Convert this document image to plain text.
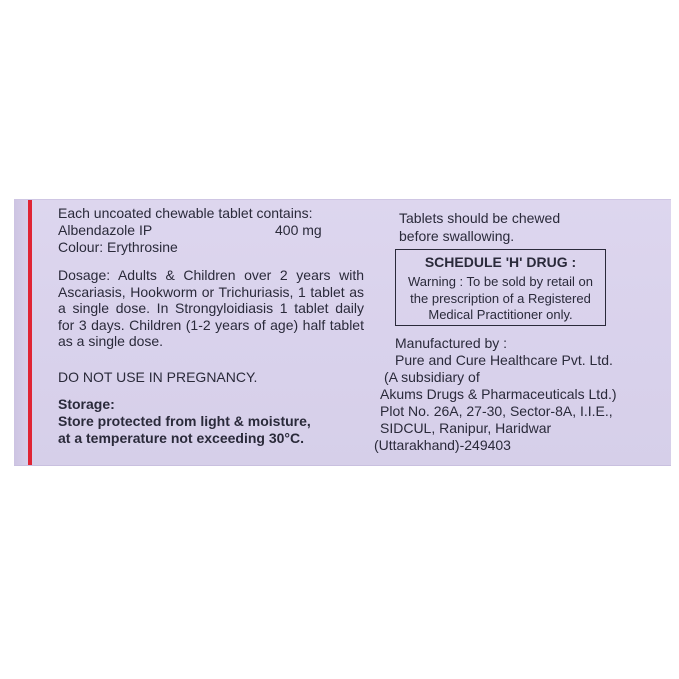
Each uncoated chewable tablet contains:
Albendazole IP	400 mg
Colour: Erythrosine
Dosage: Adults & Children over 2 years with Ascariasis, Hookworm or Trichuriasis, 1 tablet as a single dose. In Strongyloidiasis 1 tablet daily for 3 days. Children (1-2 years of age) half tablet as a single dose.
DO NOT USE IN PREGNANCY.
Storage:
Store protected from light & moisture,
at a temperature not exceeding 30°C.
Tablets should be chewed
before swallowing.
SCHEDULE 'H' DRUG :
Warning : To be sold by retail on
the prescription of a Registered
Medical Practitioner only.
Manufactured by :
Pure and Cure Healthcare Pvt. Ltd.
(A subsidiary of
Akums Drugs & Pharmaceuticals Ltd.)
Plot No. 26A, 27-30, Sector-8A, I.I.E.,
SIDCUL, Ranipur, Haridwar
(Uttarakhand)-249403
